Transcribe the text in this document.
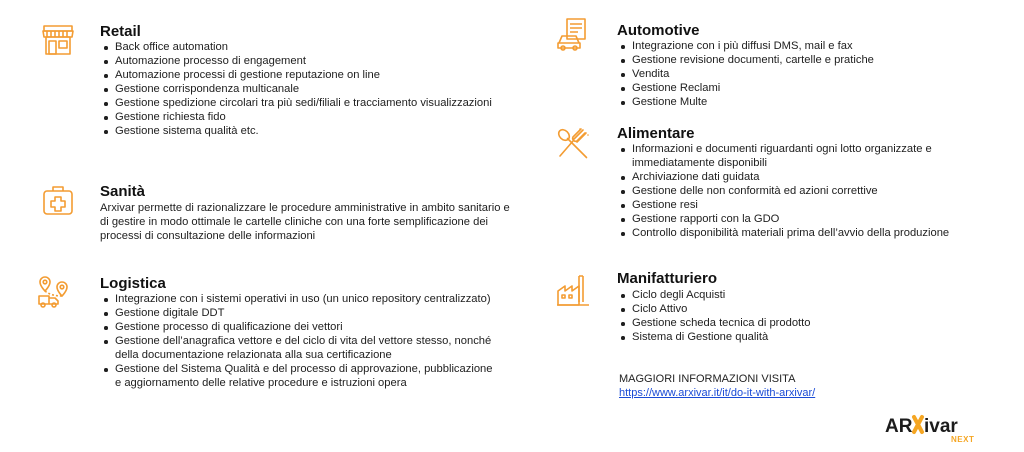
Retail
Back office automation
Automazione processo di engagement
Automazione processi di gestione reputazione on line
Gestione corrispondenza multicanale
Gestione spedizione circolari tra più sedi/filiali e tracciamento visualizzazioni
Gestione richiesta fido
Gestione sistema qualità etc.
Sanità

Arxivar permette di razionalizzare le procedure amministrative in ambito sanitario e di gestire in modo ottimale le cartelle cliniche con una forte semplificazione dei processi di consultazione delle informazioni

Logistica
Integrazione con i sistemi operativi in uso (un unico repository centralizzato)
Gestione digitale DDT
Gestione processo di qualificazione dei vettori
Gestione dell’anagrafica vettore e del ciclo di vita del vettore stesso, nonché della documentazione relazionata alla sua certificazione
Gestione del Sistema Qualità e del processo di approvazione, pubblicazione e aggiornamento delle relative procedure e istruzioni opera
Automotive
Integrazione con i più diffusi DMS, mail e fax
Gestione revisione documenti, cartelle e pratiche
Vendita
Gestione Reclami
Gestione Multe
Alimentare
Informazioni e documenti riguardanti ogni lotto organizzate e immediatamente disponibili
Archiviazione dati guidata
Gestione delle non conformità ed azioni correttive
Gestione resi
Gestione rapporti con la GDO
Controllo disponibilità materiali prima dell’avvio della produzione
Manifatturiero
Ciclo degli Acquisti
Ciclo Attivo
Gestione scheda tecnica di prodotto
Sistema di Gestione qualità
MAGGIORI INFORMAZIONI VISITA
https://www.arxivar.it/it/do-it-with-arxivar/
AR ivar
NEXT
